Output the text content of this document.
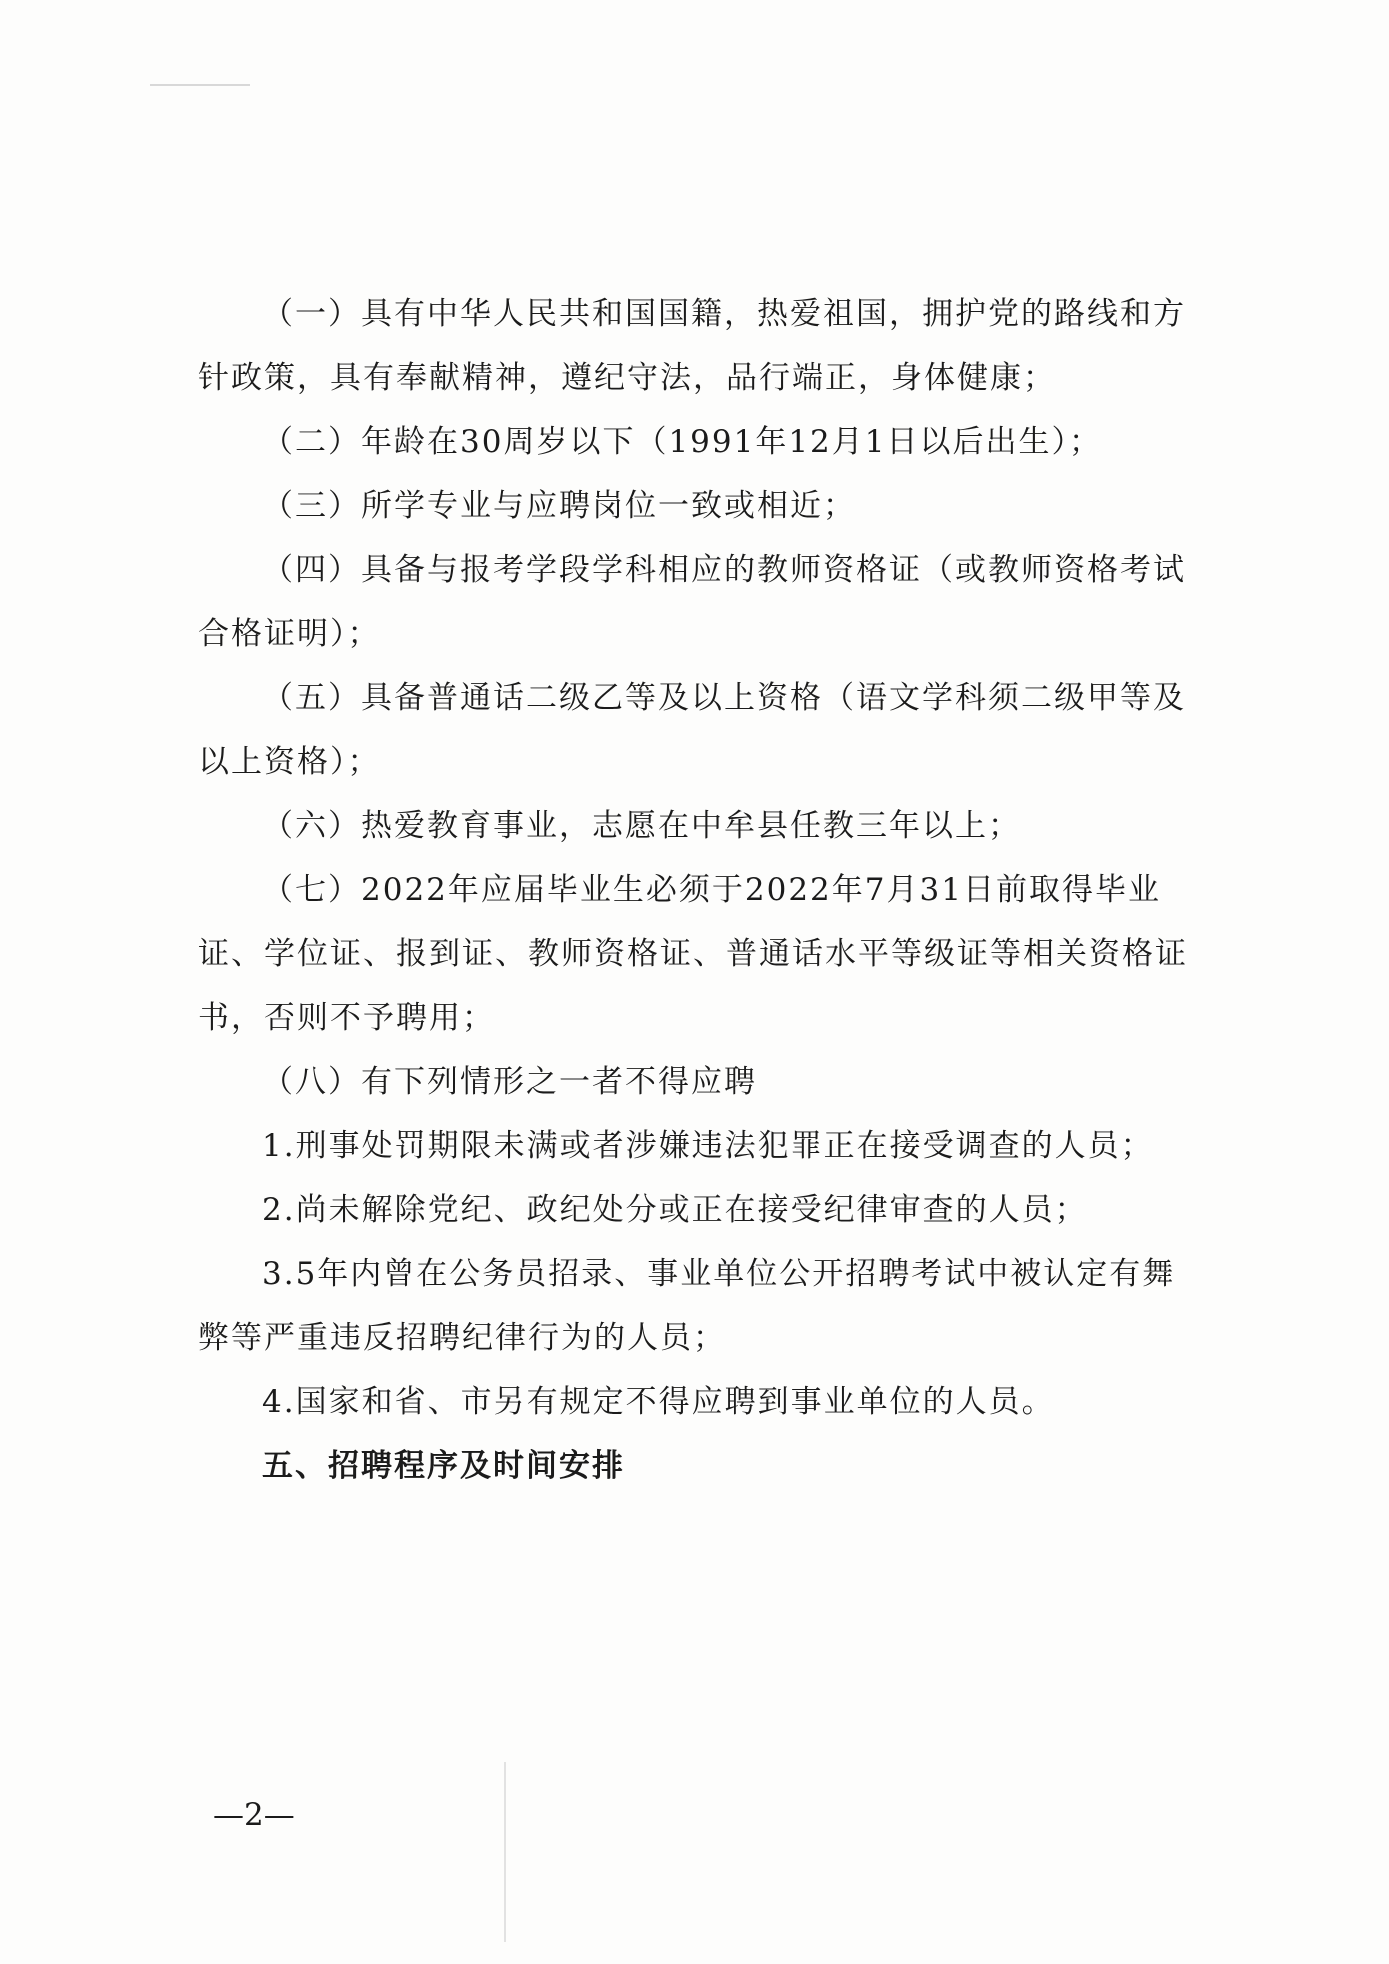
（一）具有中华人民共和国国籍，热爱祖国，拥护党的路线和方针政策，具有奉献精神，遵纪守法，品行端正，身体健康；

（二）年龄在30周岁以下（1991年12月1日以后出生）；

（三）所学专业与应聘岗位一致或相近；

（四）具备与报考学段学科相应的教师资格证（或教师资格考试合格证明）；

（五）具备普通话二级乙等及以上资格（语文学科须二级甲等及以上资格）；

（六）热爱教育事业，志愿在中牟县任教三年以上；

（七）2022年应届毕业生必须于2022年7月31日前取得毕业证、学位证、报到证、教师资格证、普通话水平等级证等相关资格证书，否则不予聘用；

（八）有下列情形之一者不得应聘

1.刑事处罚期限未满或者涉嫌违法犯罪正在接受调查的人员；

2.尚未解除党纪、政纪处分或正在接受纪律审查的人员；

3.5年内曾在公务员招录、事业单位公开招聘考试中被认定有舞弊等严重违反招聘纪律行为的人员；

4.国家和省、市另有规定不得应聘到事业单位的人员。

五、招聘程序及时间安排

—2—
